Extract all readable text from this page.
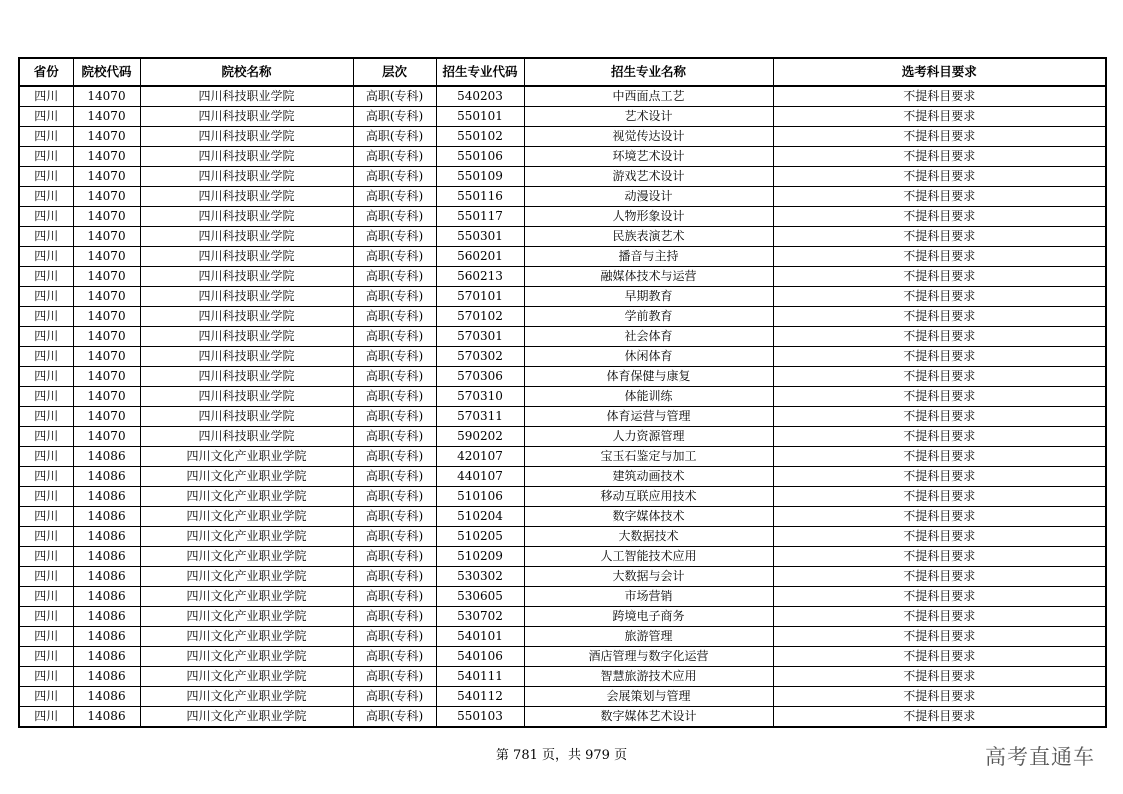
省份	院校代码	院校名称	层次	招生专业代码	招生专业名称	选考科目要求
四川	14070	四川科技职业学院	高职(专科)	540203	中西面点工艺	不提科目要求
四川	14070	四川科技职业学院	高职(专科)	550101	艺术设计	不提科目要求
四川	14070	四川科技职业学院	高职(专科)	550102	视觉传达设计	不提科目要求
四川	14070	四川科技职业学院	高职(专科)	550106	环境艺术设计	不提科目要求
四川	14070	四川科技职业学院	高职(专科)	550109	游戏艺术设计	不提科目要求
四川	14070	四川科技职业学院	高职(专科)	550116	动漫设计	不提科目要求
四川	14070	四川科技职业学院	高职(专科)	550117	人物形象设计	不提科目要求
四川	14070	四川科技职业学院	高职(专科)	550301	民族表演艺术	不提科目要求
四川	14070	四川科技职业学院	高职(专科)	560201	播音与主持	不提科目要求
四川	14070	四川科技职业学院	高职(专科)	560213	融媒体技术与运营	不提科目要求
四川	14070	四川科技职业学院	高职(专科)	570101	早期教育	不提科目要求
四川	14070	四川科技职业学院	高职(专科)	570102	学前教育	不提科目要求
四川	14070	四川科技职业学院	高职(专科)	570301	社会体育	不提科目要求
四川	14070	四川科技职业学院	高职(专科)	570302	休闲体育	不提科目要求
四川	14070	四川科技职业学院	高职(专科)	570306	体育保健与康复	不提科目要求
四川	14070	四川科技职业学院	高职(专科)	570310	体能训练	不提科目要求
四川	14070	四川科技职业学院	高职(专科)	570311	体育运营与管理	不提科目要求
四川	14070	四川科技职业学院	高职(专科)	590202	人力资源管理	不提科目要求
四川	14086	四川文化产业职业学院	高职(专科)	420107	宝玉石鉴定与加工	不提科目要求
四川	14086	四川文化产业职业学院	高职(专科)	440107	建筑动画技术	不提科目要求
四川	14086	四川文化产业职业学院	高职(专科)	510106	移动互联应用技术	不提科目要求
四川	14086	四川文化产业职业学院	高职(专科)	510204	数字媒体技术	不提科目要求
四川	14086	四川文化产业职业学院	高职(专科)	510205	大数据技术	不提科目要求
四川	14086	四川文化产业职业学院	高职(专科)	510209	人工智能技术应用	不提科目要求
四川	14086	四川文化产业职业学院	高职(专科)	530302	大数据与会计	不提科目要求
四川	14086	四川文化产业职业学院	高职(专科)	530605	市场营销	不提科目要求
四川	14086	四川文化产业职业学院	高职(专科)	530702	跨境电子商务	不提科目要求
四川	14086	四川文化产业职业学院	高职(专科)	540101	旅游管理	不提科目要求
四川	14086	四川文化产业职业学院	高职(专科)	540106	酒店管理与数字化运营	不提科目要求
四川	14086	四川文化产业职业学院	高职(专科)	540111	智慧旅游技术应用	不提科目要求
四川	14086	四川文化产业职业学院	高职(专科)	540112	会展策划与管理	不提科目要求
四川	14086	四川文化产业职业学院	高职(专科)	550103	数字媒体艺术设计	不提科目要求
第 781 页，共 979 页	高考直通车
